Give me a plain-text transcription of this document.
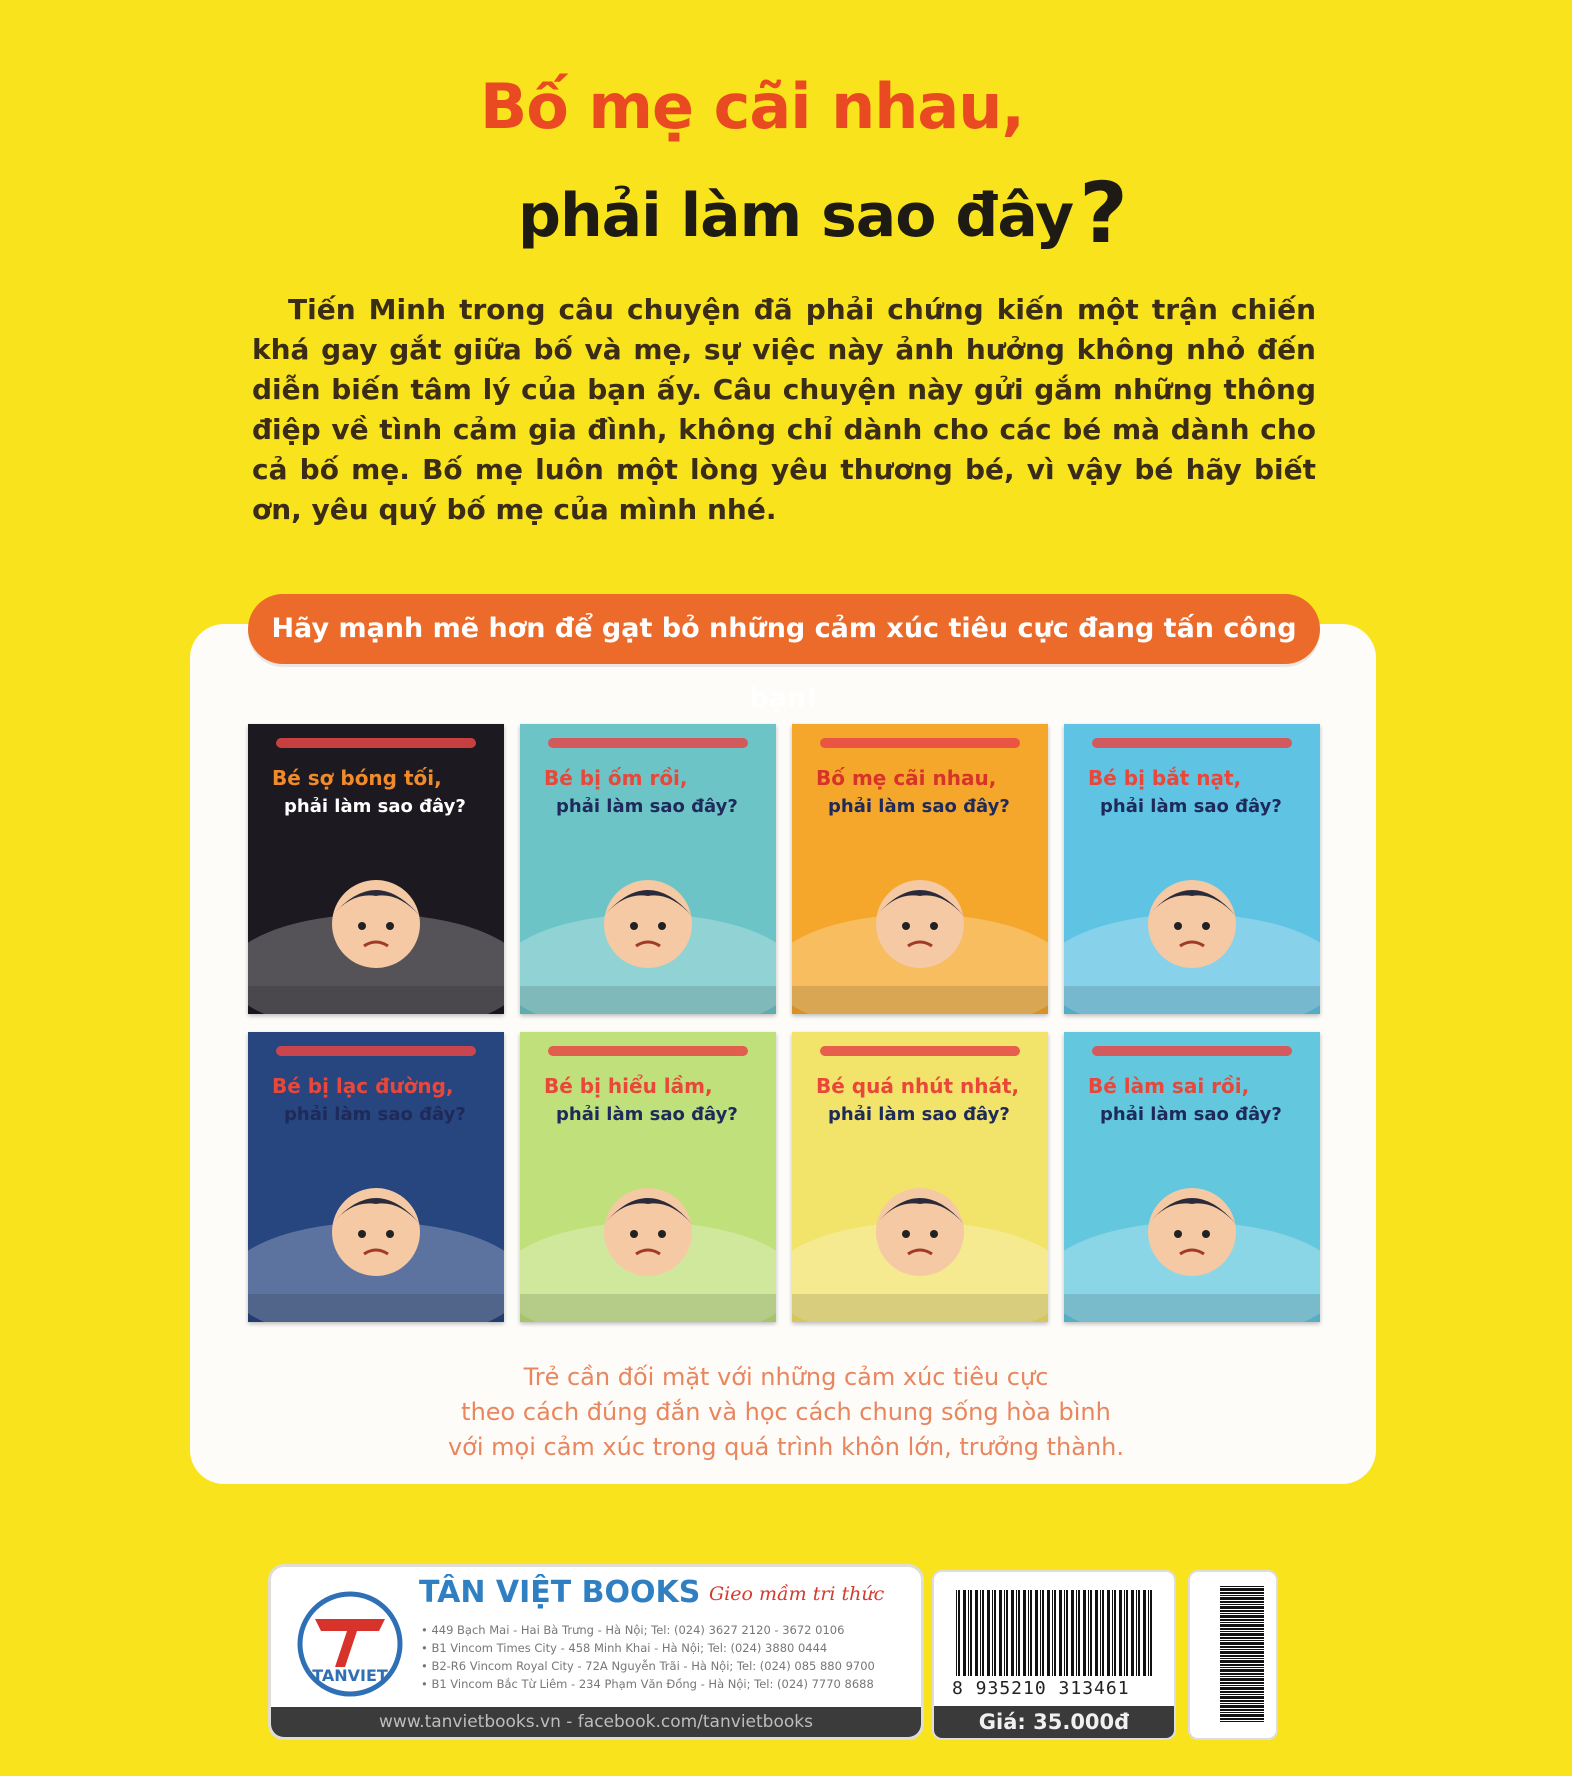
Bố mẹ cãi nhau,
phải làm sao đây?
Tiến Minh trong câu chuyện đã phải chứng kiến một trận chiến khá gay gắt giữa bố và mẹ, sự việc này ảnh hưởng không nhỏ đến diễn biến tâm lý của bạn ấy. Câu chuyện này gửi gắm những thông điệp về tình cảm gia đình, không chỉ dành cho các bé mà dành cho cả bố mẹ. Bố mẹ luôn một lòng yêu thương bé, vì vậy bé hãy biết ơn, yêu quý bố mẹ của mình nhé.
Hãy mạnh mẽ hơn để gạt bỏ những cảm xúc tiêu cực đang tấn công bạn!
Bé sợ bóng tối,
phải làm sao đây?
Bé bị ốm rồi,
phải làm sao đây?
Bố mẹ cãi nhau,
phải làm sao đây?
Bé bị bắt nạt,
phải làm sao đây?
Bé bị lạc đường,
phải làm sao đây?
Bé bị hiểu lầm,
phải làm sao đây?
Bé quá nhút nhát,
phải làm sao đây?
Bé làm sai rồi,
phải làm sao đây?
Trẻ cần đối mặt với những cảm xúc tiêu cực
theo cách đúng đắn và học cách chung sống hòa bình
với mọi cảm xúc trong quá trình khôn lớn, trưởng thành.
TANVIET
TÂN VIỆT BOOKS Gieo mầm tri thức
• 449 Bạch Mai - Hai Bà Trưng - Hà Nội; Tel: (024) 3627 2120 - 3672 0106
• B1 Vincom Times City - 458 Minh Khai - Hà Nội; Tel: (024) 3880 0444
• B2-R6 Vincom Royal City - 72A Nguyễn Trãi - Hà Nội; Tel: (024) 085 880 9700
• B1 Vincom Bắc Từ Liêm - 234 Phạm Văn Đồng - Hà Nội; Tel: (024) 7770 8688
www.tanvietbooks.vn - facebook.com/tanvietbooks
8 935210 313461
Giá: 35.000đ
